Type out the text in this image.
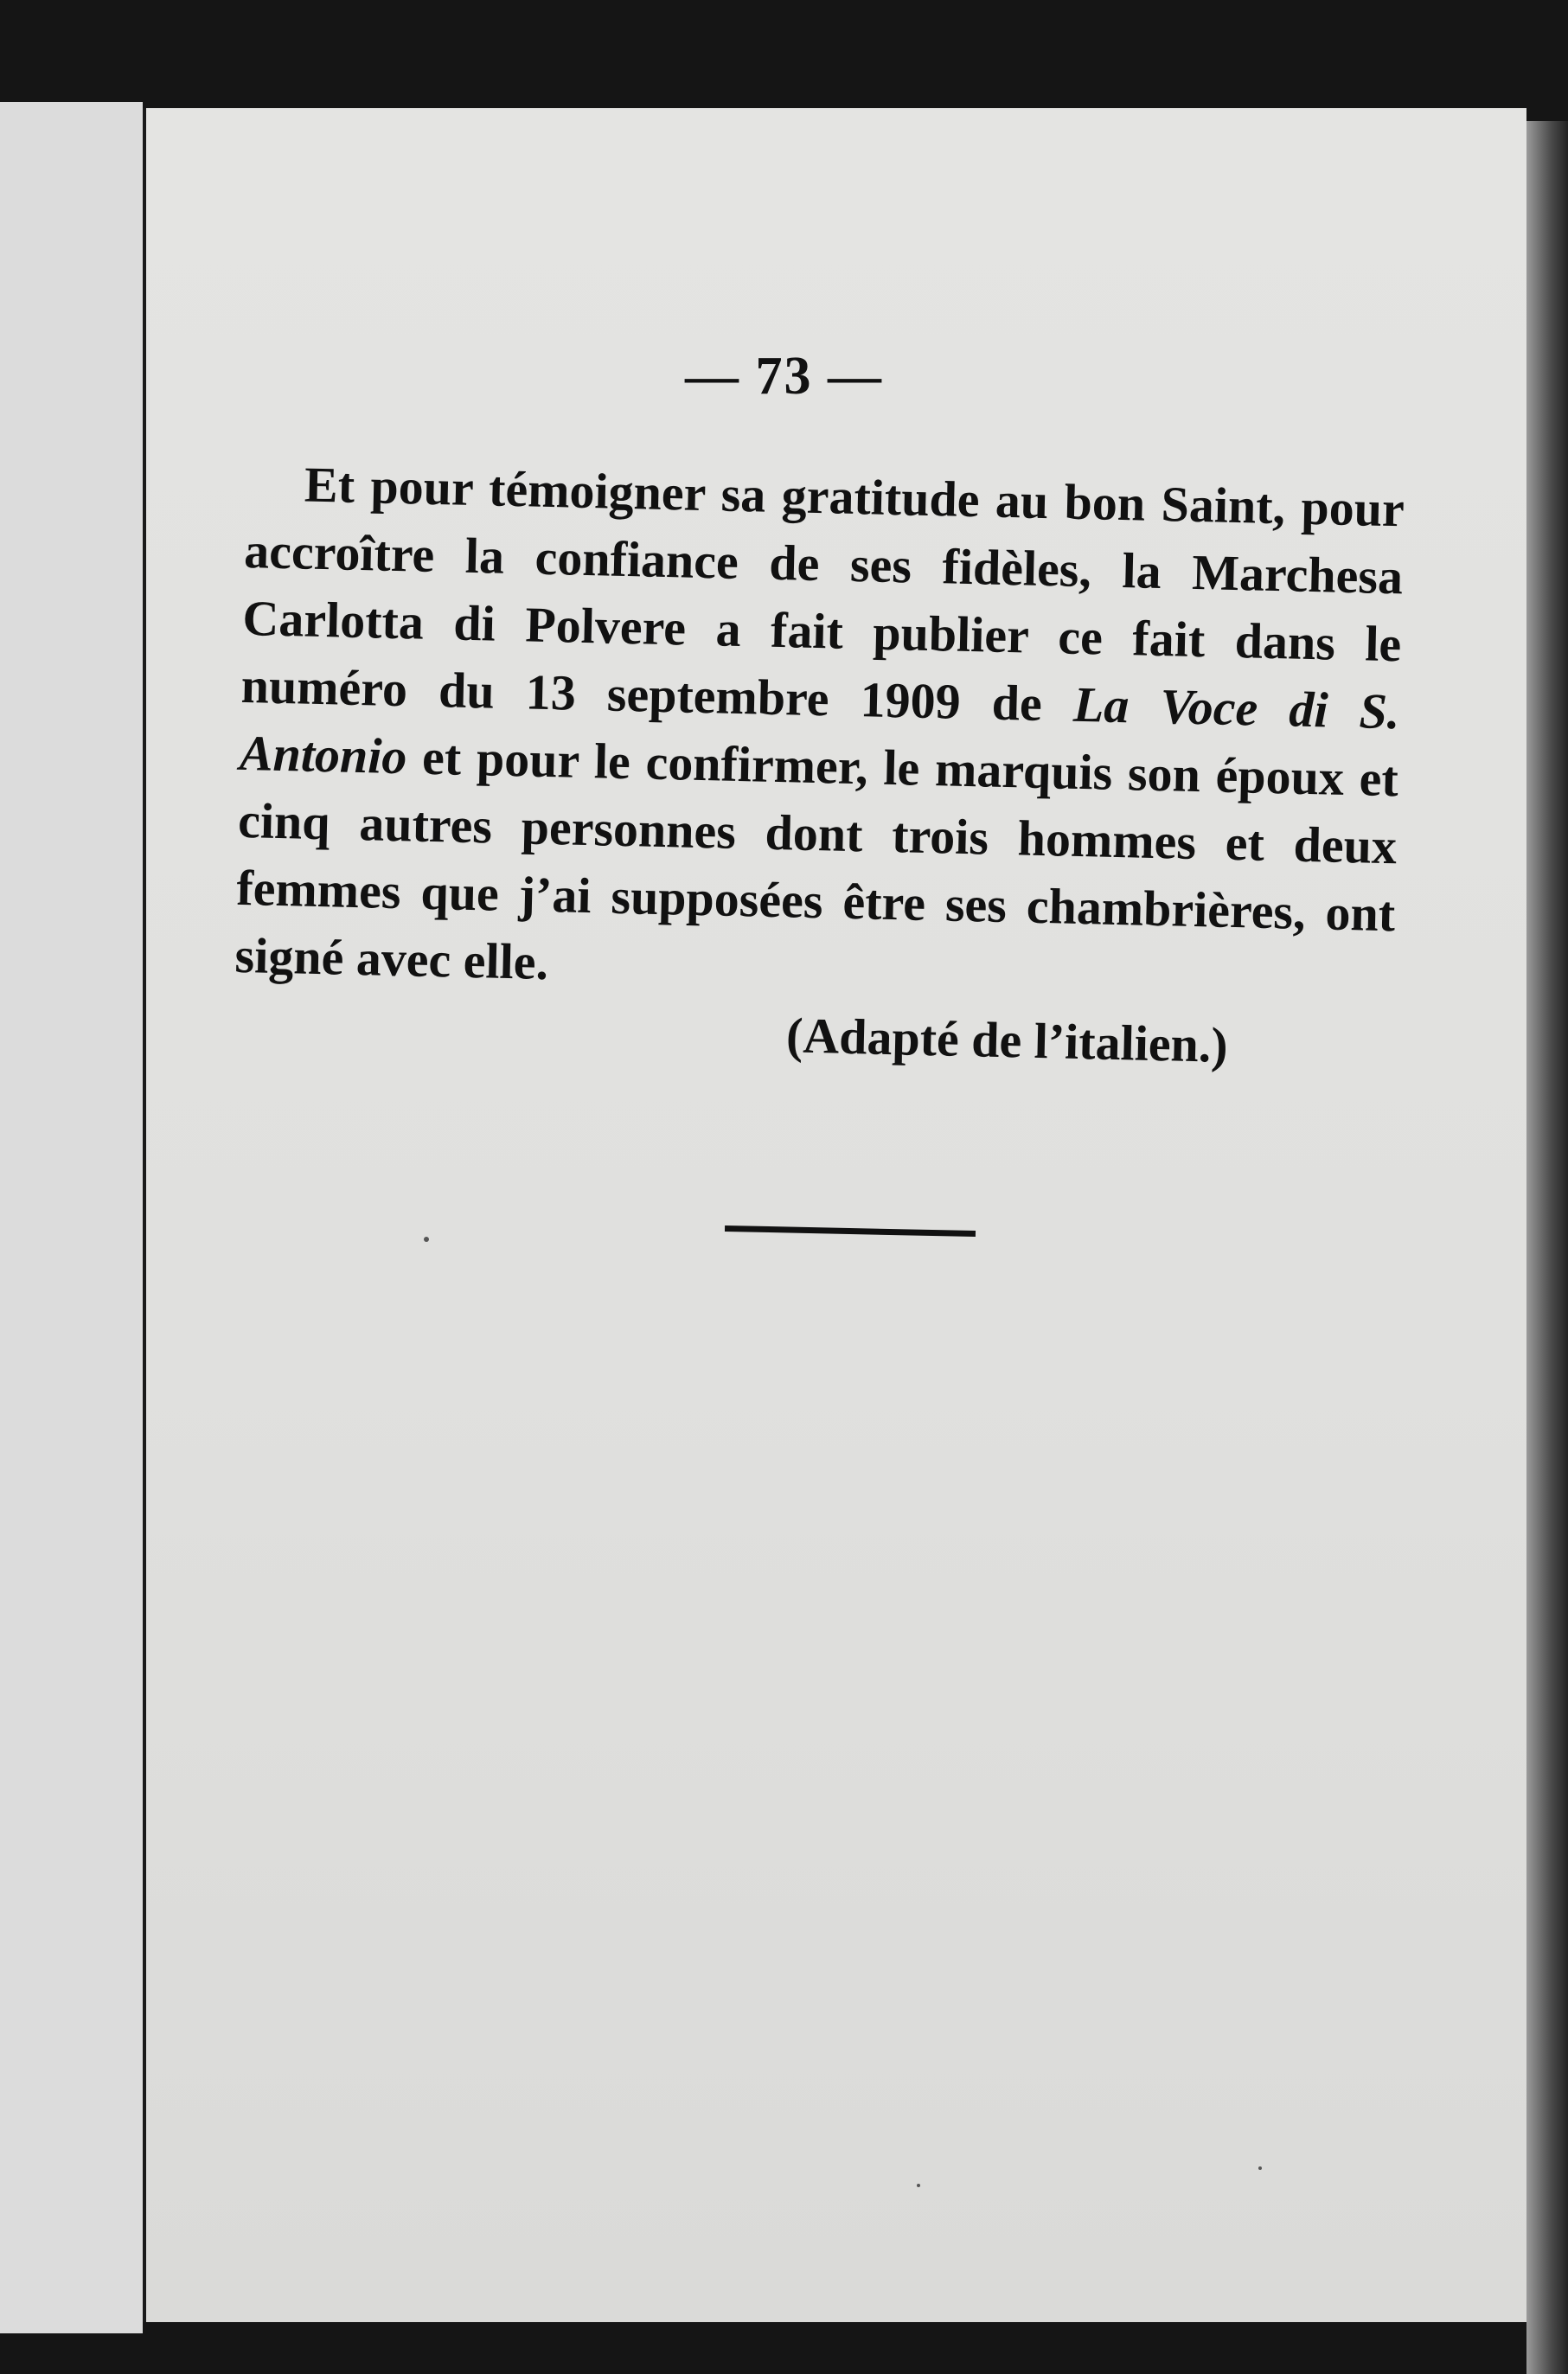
— 73 —

Et pour témoigner sa gratitude au bon Saint, pour accroître la confiance de ses fidèles, la Marchesa Carlotta di Polvere a fait publier ce fait dans le numéro du 13 septembre 1909 de La Voce di S. Antonio et pour le confirmer, le marquis son époux et cinq autres personnes dont trois hommes et deux femmes que j’ai supposées être ses chambrières, ont signé avec elle.

(Adapté de l’italien.)
